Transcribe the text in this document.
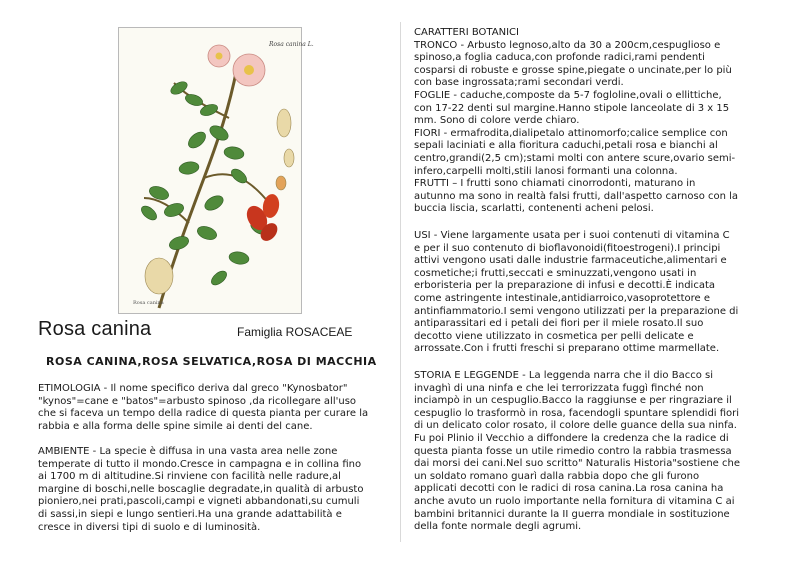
Rosa canina L.
Rosa canina
Rosa canina	Famiglia ROSACEAE
ROSA CANINA,ROSA SELVATICA,ROSA DI MACCHIA

ETIMOLOGIA - Il nome specifico deriva dal greco "Kynosbator"
"kynos"=cane e "batos"=arbusto spinoso ,da ricollegare all'uso
che si faceva un tempo della radice di questa pianta per curare la
rabbia e alla forma delle spine simile ai denti del cane.

AMBIENTE - La specie è diffusa in una vasta area nelle zone
temperate di tutto il mondo.Cresce in campagna e in collina fino
ai 1700 m di altitudine.Si rinviene con facilità nelle radure,al
margine di boschi,nelle boscaglie degradate,in qualità di arbusto
pioniero,nei prati,pascoli,campi e vigneti abbandonati,su cumuli
di sassi,in siepi e lungo sentieri.Ha una grande adattabilità e
cresce in diversi tipi di suolo e di luminosità.

CARATTERI BOTANICI
TRONCO - Arbusto legnoso,alto da 30 a 200cm,cespuglioso e
spinoso,a foglia caduca,con profonde radici,rami pendenti
cosparsi di robuste e grosse spine,piegate o uncinate,per lo più
con base ingrossata;rami secondari verdi.
FOGLIE - caduche,composte da 5-7 fogloline,ovali o ellittiche,
con 17-22 denti sul margine.Hanno stipole lanceolate di 3 x 15
mm. Sono di colore verde chiaro.
FIORI - ermafrodita,dialipetalo attinomorfo;calice semplice con
sepali laciniati e alla fioritura caduchi,petali rosa e bianchi al
centro,grandi(2,5 cm);stami molti con antere scure,ovario semi-
infero,carpelli molti,stili lanosi formanti una colonna.
FRUTTI – I frutti sono chiamati cinorrodonti, maturano in
autunno ma sono in realtà falsi frutti, dall'aspetto carnoso con la
buccia liscia, scarlatti, contenenti acheni pelosi.

USI - Viene largamente usata per i suoi contenuti di vitamina C
e per il suo contenuto di bioflavonoidi(fitoestrogeni).I principi
attivi vengono usati dalle industrie farmaceutiche,alimentari e
cosmetiche;i frutti,seccati e sminuzzati,vengono usati in
erboristeria per la preparazione di infusi e decotti.È indicata
come astringente intestinale,antidiarroico,vasoprotettore e
antinfiammatorio.I semi vengono utilizzati per la preparazione di
antiparassitari ed i petali dei fiori per il miele rosato.Il suo
decotto viene utilizzato in cosmetica per pelli delicate e
arrossate.Con i frutti freschi si preparano ottime marmellate.

STORIA E LEGGENDE - La leggenda narra che il dio Bacco si
invaghì di una ninfa e che lei terrorizzata fuggì finché non
inciampò in un cespuglio.Bacco la raggiunse e per ringraziare il
cespuglio lo trasformò in rosa, facendogli spuntare splendidi fiori
di un delicato color rosato, il colore delle guance della sua ninfa.
Fu poi Plinio il Vecchio a diffondere la credenza che la radice di
questa pianta fosse un utile rimedio contro la rabbia trasmessa
dai morsi dei cani.Nel suo scritto" Naturalis Historia"sostiene che
un soldato romano guarì dalla rabbia dopo che gli furono
applicati decotti con le radici di rosa canina.La rosa canina ha
anche avuto un ruolo importante nella fornitura di vitamina C ai
bambini britannici durante la II guerra mondiale in sostituzione
della fonte normale degli agrumi.
